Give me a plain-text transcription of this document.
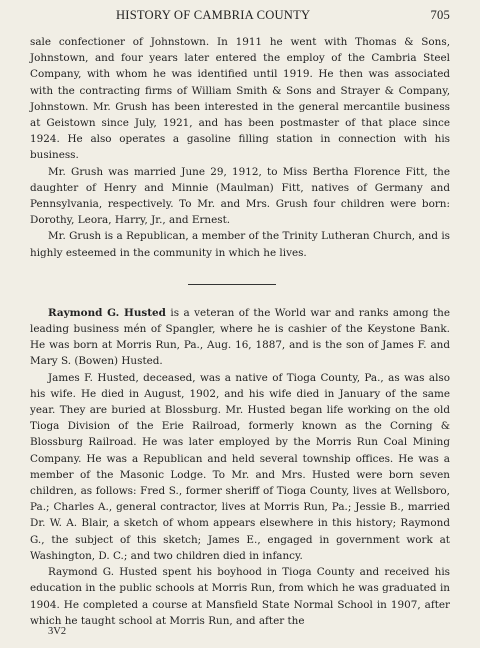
HISTORY OF CAMBRIA COUNTY	705

sale confectioner of Johnstown. In 1911 he went with Thomas & Sons, Johnstown, and four years later entered the employ of the Cambria Steel Company, with whom he was identified until 1919. He then was associated with the contracting firms of William Smith & Sons and Strayer & Company, Johnstown. Mr. Grush has been interested in the general mercantile business at Geistown since July, 1921, and has been postmaster of that place since 1924. He also operates a gasoline filling station in connection with his business.

Mr. Grush was married June 29, 1912, to Miss Bertha Florence Fitt, the daughter of Henry and Minnie (Maulman) Fitt, natives of Germany and Pennsylvania, respectively. To Mr. and Mrs. Grush four children were born: Dorothy, Leora, Harry, Jr., and Ernest.

Mr. Grush is a Republican, a member of the Trinity Lutheran Church, and is highly esteemed in the community in which he lives.

Raymond G. Husted is a veteran of the World war and ranks among the leading business mén of Spangler, where he is cashier of the Keystone Bank. He was born at Morris Run, Pa., Aug. 16, 1887, and is the son of James F. and Mary S. (Bowen) Husted.

James F. Husted, deceased, was a native of Tioga County, Pa., as was also his wife. He died in August, 1902, and his wife died in January of the same year. They are buried at Blossburg. Mr. Husted began life working on the old Tioga Division of the Erie Railroad, formerly known as the Corning & Blossburg Railroad. He was later employed by the Morris Run Coal Mining Company. He was a Republican and held several township offices. He was a member of the Masonic Lodge. To Mr. and Mrs. Husted were born seven children, as follows: Fred S., former sheriff of Tioga County, lives at Wellsboro, Pa.; Charles A., general contractor, lives at Morris Run, Pa.; Jessie B., married Dr. W. A. Blair, a sketch of whom appears elsewhere in this history; Raymond G., the subject of this sketch; James E., engaged in government work at Washington, D. C.; and two children died in infancy.

Raymond G. Husted spent his boyhood in Tioga County and received his education in the public schools at Morris Run, from which he was graduated in 1904. He completed a course at Mansfield State Normal School in 1907, after which he taught school at Morris Run, and after the

3V2
